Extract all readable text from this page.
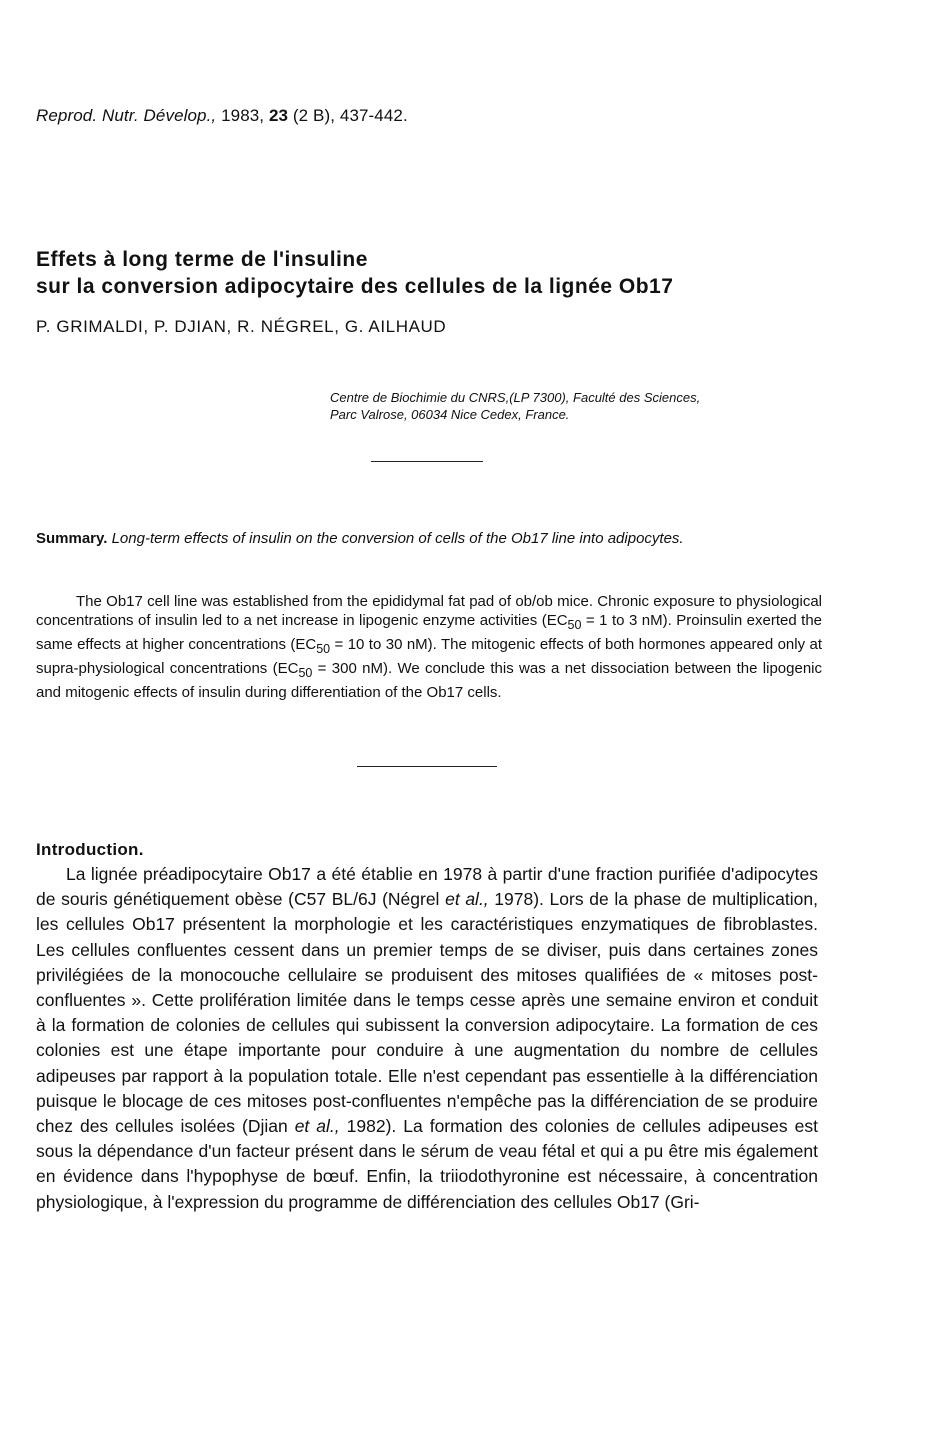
Reprod. Nutr. Dévelop., 1983, 23 (2 B), 437-442.
Effets à long terme de l'insuline
sur la conversion adipocytaire des cellules de la lignée Ob17
P. GRIMALDI, P. DJIAN, R. NÉGREL, G. AILHAUD
Centre de Biochimie du CNRS,(LP 7300), Faculté des Sciences,
Parc Valrose, 06034 Nice Cedex, France.
Summary. Long-term effects of insulin on the conversion of cells of the Ob17 line into adipocytes.

The Ob17 cell line was established from the epididymal fat pad of ob/ob mice. Chronic exposure to physiological concentrations of insulin led to a net increase in lipogenic enzyme activities ($EC_{50} = 1$ to 3 nM). Proinsulin exerted the same effects at higher concentrations ($EC_{50} = 10$ to 30 nM). The mitogenic effects of both hormones appeared only at supra-physiological concentrations ($EC_{50} = 300$ nM). We conclude this was a net dissociation between the lipogenic and mitogenic effects of insulin during differentiation of the Ob17 cells.

Introduction.

La lignée préadipocytaire Ob17 a été établie en 1978 à partir d'une fraction purifiée d'adipocytes de souris génétiquement obèse (C57 BL/6J (Négrel et al., 1978). Lors de la phase de multiplication, les cellules Ob17 présentent la morphologie et les caractéristiques enzymatiques de fibroblastes. Les cellules confluentes cessent dans un premier temps de se diviser, puis dans certaines zones privilégiées de la monocouche cellulaire se produisent des mitoses qualifiées de « mitoses post-confluentes ». Cette prolifération limitée dans le temps cesse après une semaine environ et conduit à la formation de colonies de cellules qui subissent la conversion adipocytaire. La formation de ces colonies est une étape importante pour conduire à une augmentation du nombre de cellules adipeuses par rapport à la population totale. Elle n'est cependant pas essentielle à la différenciation puisque le blocage de ces mitoses post-confluentes n'empêche pas la différenciation de se produire chez des cellules isolées (Djian et al., 1982). La formation des colonies de cellules adipeuses est sous la dépendance d'un facteur présent dans le sérum de veau fétal et qui a pu être mis également en évidence dans l'hypophyse de bœuf. Enfin, la triiodothyronine est nécessaire, à concentration physiologique, à l'expression du programme de différenciation des cellules Ob17 (Gri-
